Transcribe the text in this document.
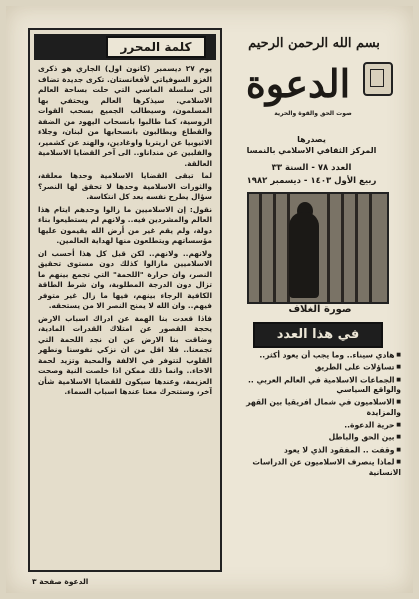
كلمة المحرر

يوم ٢٧ ديسمبر (كانون اول) الجاري هو ذكرى الغزو السوفياتي لأفغانستان. تكرى جديدة تضاف الى سلسلة الماسي التي حلت بساحة العالم الاسلامي. سيذكرها العالم ويحتفي بها المسلمون، وسيطالب الجميع بسحب القوات الروسية، كما طالبوا بانسحاب اليهود من الضفة والقطاع ويطالبون بانسحابها من لبنان، وجلاء الاثيوبيا عن اريتريا واوغادين، والهند عن كشمير، والفلبين عن منداناو.. الى آخر القضايا الاسلامية العالقة.

لما تبقى القضايا الاسلامية وحدها معلقة، والثورات الاسلامية وحدها لا تحقق لها النصر؟ سؤال يطرح نفسه بعد كل انتكاسة.

نقول: إن الاسلاميين ما زالوا وحدهم ايتام هذا العالم والمشردين فيه.. ولانهم لم يستطيعوا بناء دولة، ولم يقم غير من أرض الله يقيمون عليها مؤسساتهم ويتطلعون منها لهداية العالمين.

ولانهم.. ولانهم.. لكن قبل كل هذا أحسب ان الاسلاميين مازالوا كذلك دون مستوى تحقيق النصر، وان حرارة "اللحمة" التي تجمع بينهم ما تزال دون الدرجة المطلوبة، وان شرط الطاقة الكافية الرجاء بينهم، فيها ما زال غير متوفر فيهم.. وان الله لا يمنح النصر الا من يستحقه.

فاذا قعدت بنا الهمة عن ادراك اسباب الارض يحجة القصور عن امتلاك القدرات المادية، وضاقت بنا الارض عن ان نجد اللحمة التي تجمعنا.. فلا اقل من ان نزكي نفوسنا ونطهر القلوب لتتوفر في الالفة والمحبة وتزيد لحمة الاخاء.. وانما ذلك ممكن اذا خلصت النية وصحت العزيمة، وعندها سيكون للقضايا الاسلامية شأن آخر، وستتحرك معنا عندها اسباب السماء.

بسم الله الرحمن الرحيم
الدعوة
صوت الحق والقوة والحرية
يصدرها
المركز الثقافي الاسلامي بالنمسا
العدد ٧٨ - السنة ٣٣
ربيع الأول ١٤٠٣ - ديسمبر ١٩٨٢
صورة الغلاف
في هذا العدد
■ هادي سيناء.. وما يجب أن يعود أكثر..
■ تساؤلات على الطريق
■ الجماعات الاسلامية في العالم العربي .. والواقع السياسي
■ الاسلاميون في شمال افريقيا بين القهر والمزايدة
■ حرية الدعوة..
■ بين الحق والباطل
■ وقفت .. المفقود الذي لا يعود
■ لماذا ينصرف الاسلاميون عن الدراسات الانسانية
الدعوة صفحة ٣
